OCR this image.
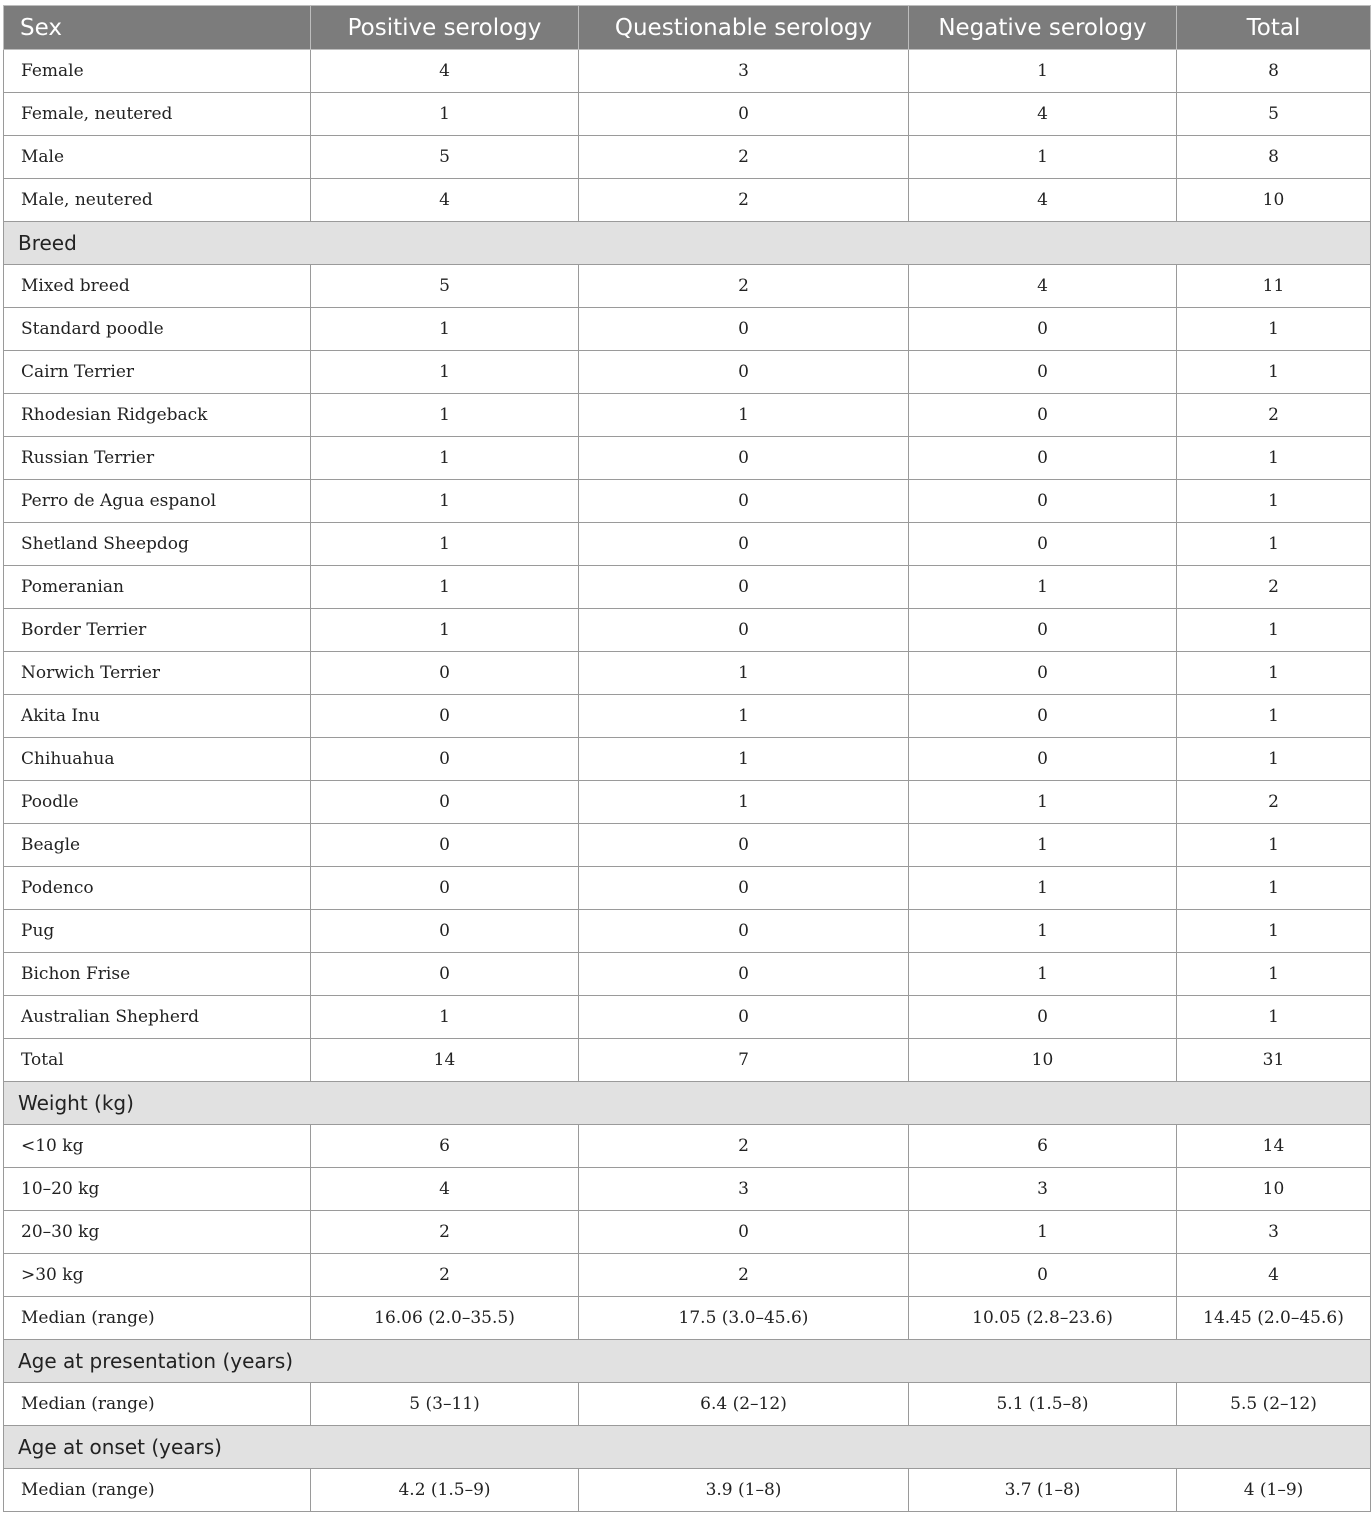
Sex	Positive serology	Questionable serology	Negative serology	Total
Female	4	3	1	8
Female, neutered	1	0	4	5
Male	5	2	1	8
Male, neutered	4	2	4	10
Breed				
Mixed breed	5	2	4	11
Standard poodle	1	0	0	1
Cairn Terrier	1	0	0	1
Rhodesian Ridgeback	1	1	0	2
Russian Terrier	1	0	0	1
Perro de Agua espanol	1	0	0	1
Shetland Sheepdog	1	0	0	1
Pomeranian	1	0	1	2
Border Terrier	1	0	0	1
Norwich Terrier	0	1	0	1
Akita Inu	0	1	0	1
Chihuahua	0	1	0	1
Poodle	0	1	1	2
Beagle	0	0	1	1
Podenco	0	0	1	1
Pug	0	0	1	1
Bichon Frise	0	0	1	1
Australian Shepherd	1	0	0	1
Total	14	7	10	31
Weight (kg)				
<10 kg	6	2	6	14
10–20 kg	4	3	3	10
20–30 kg	2	0	1	3
>30 kg	2	2	0	4
Median (range)	16.06 (2.0–35.5)	17.5 (3.0–45.6)	10.05 (2.8–23.6)	14.45 (2.0–45.6)
Age at presentation (years)				
Median (range)	5 (3–11)	6.4 (2–12)	5.1 (1.5–8)	5.5 (2–12)
Age at onset (years)				
Median (range)	4.2 (1.5–9)	3.9 (1–8)	3.7 (1–8)	4 (1–9)
